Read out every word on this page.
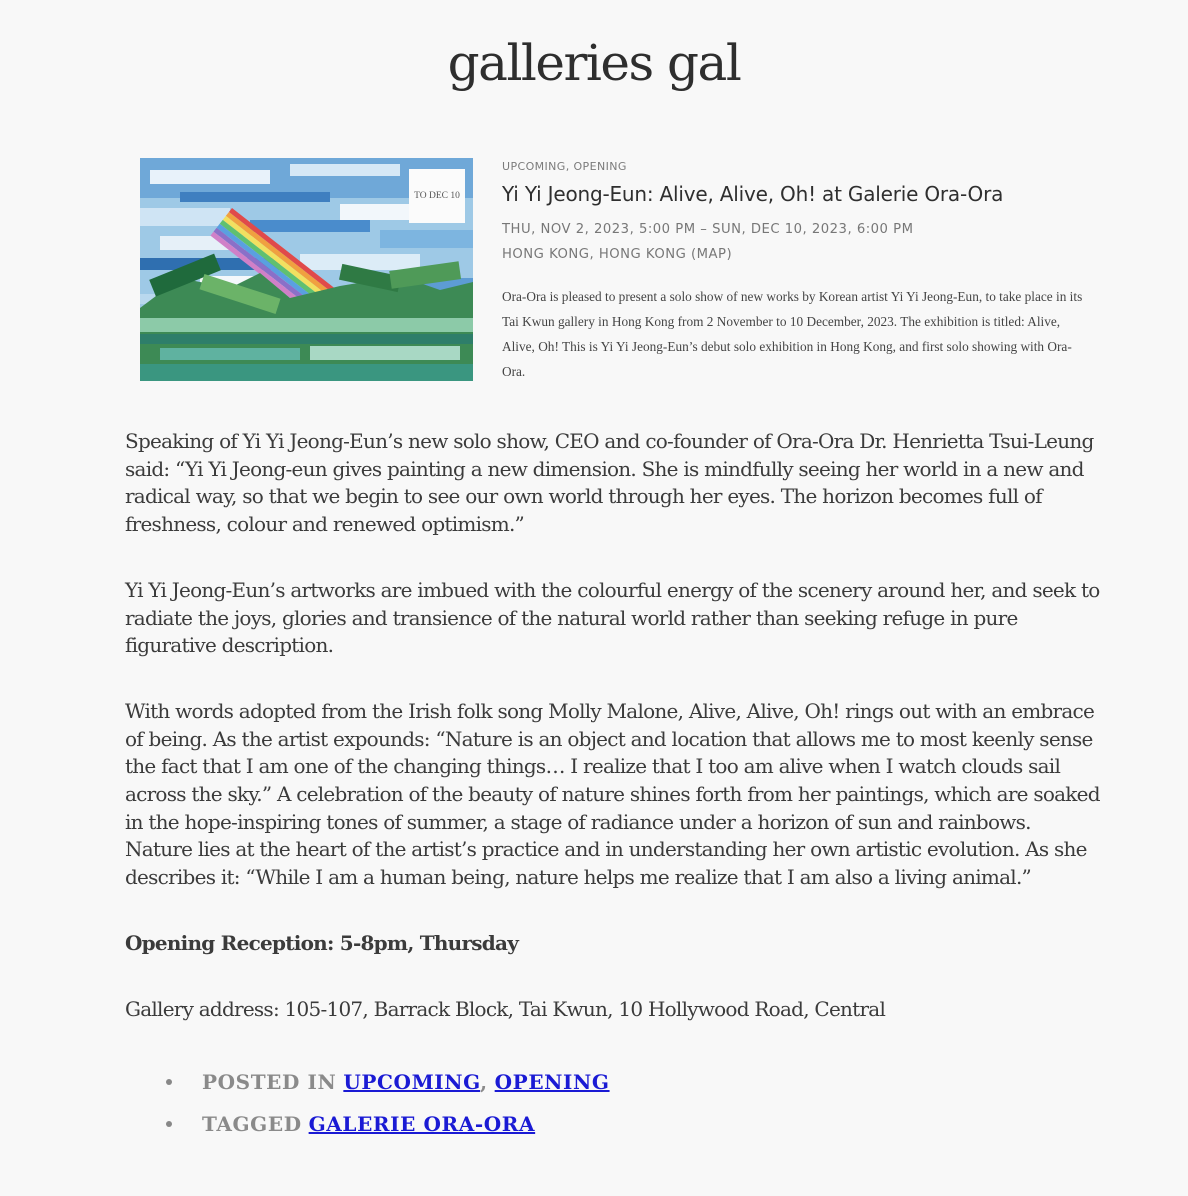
galleries gal
TO DEC 10
UPCOMING, OPENING
Yi Yi Jeong-Eun: Alive, Alive, Oh! at Galerie Ora-Ora
THU, NOV 2, 2023, 5:00 PM – SUN, DEC 10, 2023, 6:00 PM
HONG KONG, HONG KONG (MAP)
Ora-Ora is pleased to present a solo show of new works by Korean artist Yi Yi Jeong-Eun, to take place in its Tai Kwun gallery in Hong Kong from 2 November to 10 December, 2023. The exhibition is titled: Alive, Alive, Oh! This is Yi Yi Jeong-Eun’s debut solo exhibition in Hong Kong, and first solo showing with Ora-Ora.

Speaking of Yi Yi Jeong-Eun’s new solo show, CEO and co-founder of Ora-Ora Dr. Henrietta Tsui-Leung said: “Yi Yi Jeong-eun gives painting a new dimension. She is mindfully seeing her world in a new and radical way, so that we begin to see our own world through her eyes. The horizon becomes full of freshness, colour and renewed optimism.”

Yi Yi Jeong-Eun’s artworks are imbued with the colourful energy of the scenery around her, and seek to radiate the joys, glories and transience of the natural world rather than seeking refuge in pure figurative description.

With words adopted from the Irish folk song Molly Malone, Alive, Alive, Oh! rings out with an embrace of being. As the artist expounds: “Nature is an object and location that allows me to most keenly sense the fact that I am one of the changing things… I realize that I too am alive when I watch clouds sail across the sky.” A celebration of the beauty of nature shines forth from her paintings, which are soaked in the hope-inspiring tones of summer, a stage of radiance under a horizon of sun and rainbows. Nature lies at the heart of the artist’s practice and in understanding her own artistic evolution. As she describes it: “While I am a human being, nature helps me realize that I am also a living animal.”

Opening Reception: 5-8pm, Thursday

Gallery address: 105-107, Barrack Block, Tai Kwun, 10 Hollywood Road, Central

POSTED IN UPCOMING, OPENING
TAGGED GALERIE ORA-ORA
